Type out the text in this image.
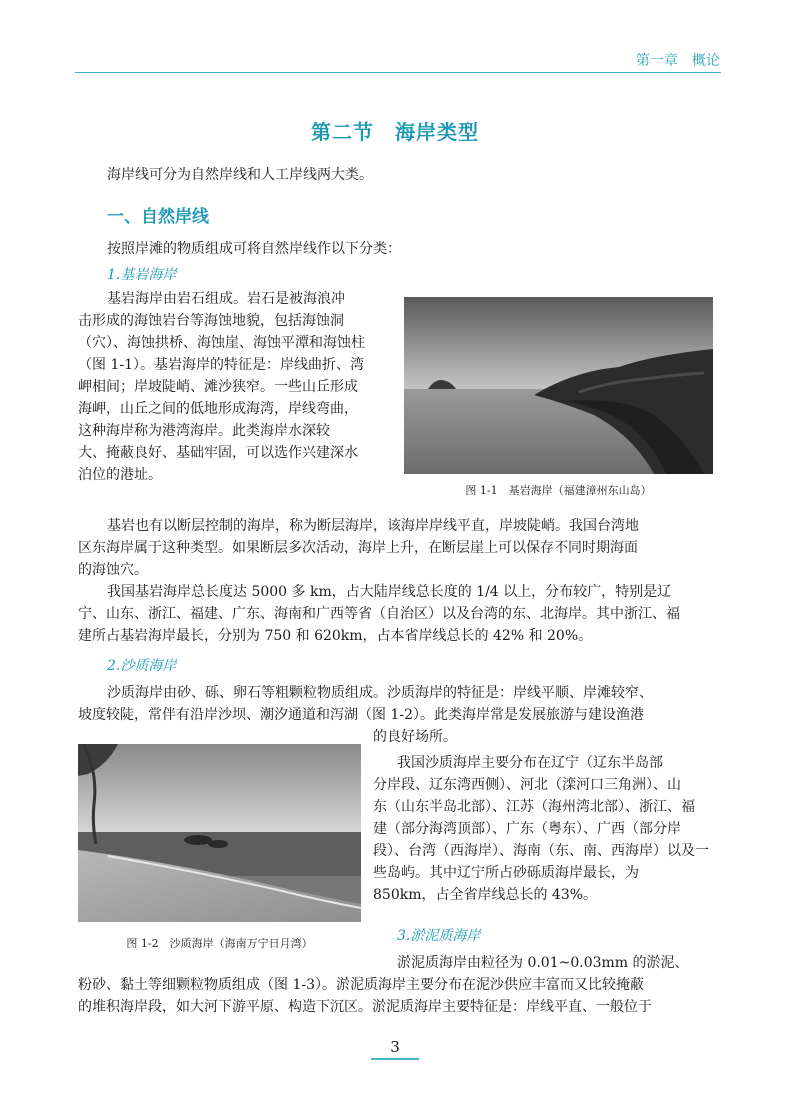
第一章　概论
第二节　海岸类型
海岸线可分为自然岸线和人工岸线两大类。
一、自然岸线
按照岸滩的物质组成可将自然岸线作以下分类：
1.基岩海岸
基岩海岸由岩石组成。岩石是被海浪冲
击形成的海蚀岩台等海蚀地貌，包括海蚀洞
（穴）、海蚀拱桥、海蚀崖、海蚀平潭和海蚀柱
（图 1-1）。基岩海岸的特征是：岸线曲折、湾
岬相间；岸坡陡峭、滩沙狭窄。一些山丘形成
海岬，山丘之间的低地形成海湾，岸线弯曲，
这种海岸称为港湾海岸。此类海岸水深较
大、掩蔽良好、基础牢固，可以选作兴建深水
泊位的港址。
图 1-1　基岩海岸（福建漳州东山岛）
基岩也有以断层控制的海岸，称为断层海岸，该海岸岸线平直，岸坡陡峭。我国台湾地
区东海岸属于这种类型。如果断层多次活动，海岸上升，在断层崖上可以保存不同时期海面
的海蚀穴。
我国基岩海岸总长度达 5000 多 km，占大陆岸线总长度的 1/4 以上，分布较广，特别是辽
宁、山东、浙江、福建、广东、海南和广西等省（自治区）以及台湾的东、北海岸。其中浙江、福
建所占基岩海岸最长，分别为 750 和 620km，占本省岸线总长的 42% 和 20%。
2.沙质海岸
沙质海岸由砂、砾、卵石等粗颗粒物质组成。沙质海岸的特征是：岸线平顺、岸滩较窄、
坡度较陡，常伴有沿岸沙坝、潮汐通道和泻湖（图 1-2）。此类海岸常是发展旅游与建设渔港
的良好场所。
图 1-2　沙质海岸（海南万宁日月湾）
我国沙质海岸主要分布在辽宁（辽东半岛部
分岸段、辽东湾西侧）、河北（滦河口三角洲）、山
东（山东半岛北部）、江苏（海州湾北部）、浙江、福
建（部分海湾顶部）、广东（粤东）、广西（部分岸
段）、台湾（西海岸）、海南（东、南、西海岸）以及一
些岛屿。其中辽宁所占砂砾质海岸最长，为
850km，占全省岸线总长的 43%。
3.淤泥质海岸
淤泥质海岸由粒径为 0.01~0.03mm 的淤泥、
粉砂、黏土等细颗粒物质组成（图 1-3）。淤泥质海岸主要分布在泥沙供应丰富而又比较掩蔽
的堆积海岸段，如大河下游平原、构造下沉区。淤泥质海岸主要特征是：岸线平直、一般位于
3
